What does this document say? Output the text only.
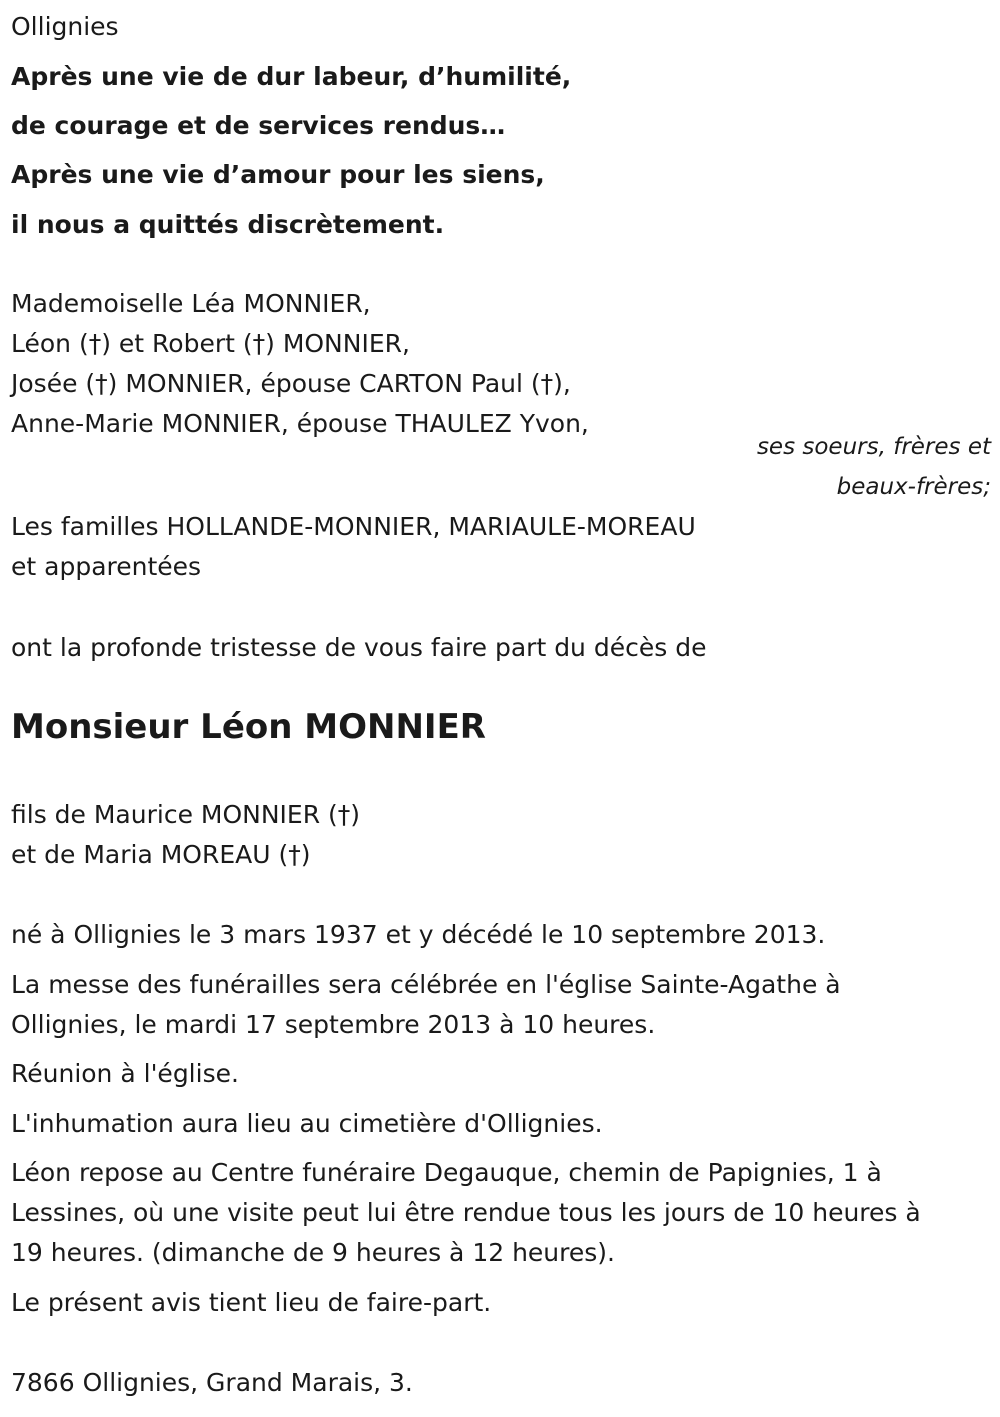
Ollignies
Après une vie de dur labeur, d’humilité,
de courage et de services rendus…
Après une vie d’amour pour les siens,
il nous a quittés discrètement.
Mademoiselle Léa MONNIER,
Léon (†) et Robert (†) MONNIER,
Josée (†) MONNIER, épouse CARTON Paul (†),
Anne-Marie MONNIER, épouse THAULEZ Yvon,
ses soeurs, frères et
beaux-frères;
Les familles HOLLANDE-MONNIER, MARIAULE-MOREAU
et apparentées
ont la profonde tristesse de vous faire part du décès de
Monsieur Léon MONNIER
fils de Maurice MONNIER (†)
et de Maria MOREAU (†)
né à Ollignies le 3 mars 1937 et y décédé le 10 septembre 2013.
La messe des funérailles sera célébrée en l'église Sainte-Agathe à
Ollignies, le mardi 17 septembre 2013 à 10 heures.
Réunion à l'église.
L'inhumation aura lieu au cimetière d'Ollignies.
Léon repose au Centre funéraire Degauque, chemin de Papignies, 1 à
Lessines, où une visite peut lui être rendue tous les jours de 10 heures à
19 heures. (dimanche de 9 heures à 12 heures).
Le présent avis tient lieu de faire-part.
7866 Ollignies, Grand Marais, 3.
